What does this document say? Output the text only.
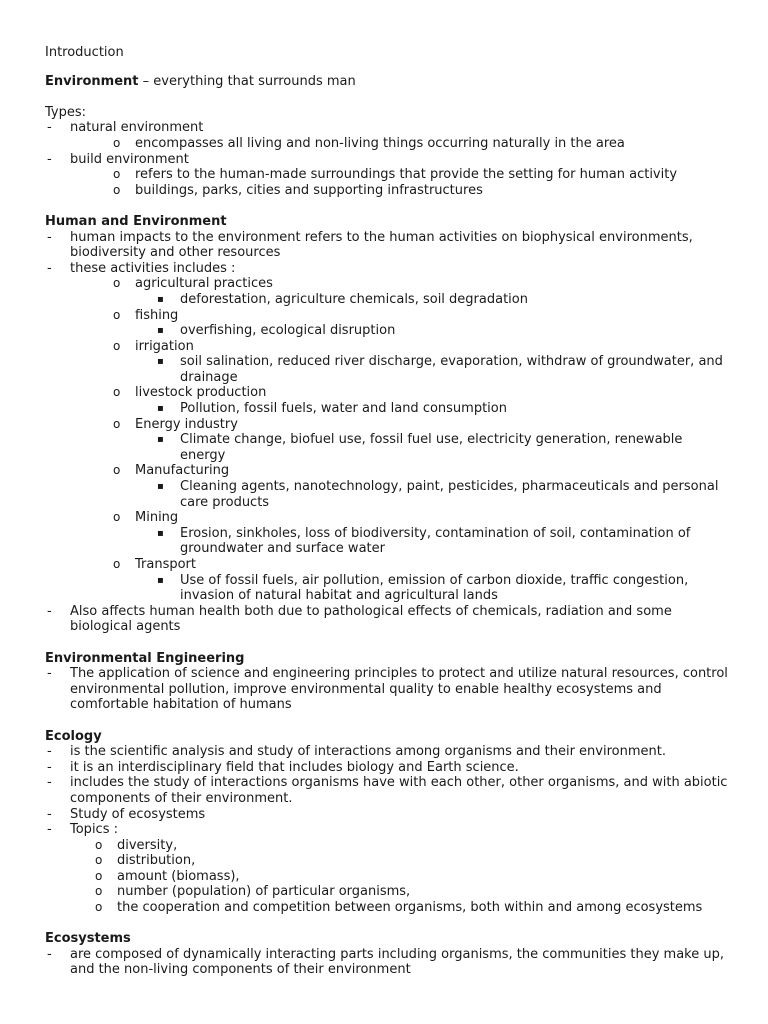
Introduction

Environment – everything that surrounds man

Types:

-	natural environment
o	encompasses all living and non-living things occurring naturally in the area
-	build environment
o	refers to the human-made surroundings that provide the setting for human activity
o	buildings, parks, cities and supporting infrastructures

Human and Environment

-	human impacts to the environment refers to the human activities on biophysical environments, biodiversity and other resources
-	these activities includes :
o	agricultural practices
▪	deforestation, agriculture chemicals, soil degradation
o	fishing
▪	overfishing, ecological disruption
o	irrigation
▪	soil salination, reduced river discharge, evaporation, withdraw of groundwater, and drainage
o	livestock production
▪	Pollution, fossil fuels, water and land consumption
o	Energy industry
▪	Climate change, biofuel use, fossil fuel use, electricity generation, renewable energy
o	Manufacturing
▪	Cleaning agents, nanotechnology, paint, pesticides, pharmaceuticals and personal care products
o	Mining
▪	Erosion, sinkholes, loss of biodiversity, contamination of soil, contamination of groundwater and surface water
o	Transport
▪	Use of fossil fuels, air pollution, emission of carbon dioxide, traffic congestion, invasion of natural habitat and agricultural lands
-	Also affects human health both due to pathological effects of chemicals, radiation and some biological agents

Environmental Engineering

-	The application of science and engineering principles to protect and utilize natural resources, control environmental pollution, improve environmental quality to enable healthy ecosystems and comfortable habitation of humans

Ecology

-	is the scientific analysis and study of interactions among organisms and their environment.
-	it is an interdisciplinary field that includes biology and Earth science.
-	includes the study of interactions organisms have with each other, other organisms, and with abiotic components of their environment.
-	Study of ecosystems
-	Topics :
o	diversity,
o	distribution,
o	amount (biomass),
o	number (population) of particular organisms,
o	the cooperation and competition between organisms, both within and among ecosystems

Ecosystems

-	are composed of dynamically interacting parts including organisms, the communities they make up, and the non-living components of their environment
